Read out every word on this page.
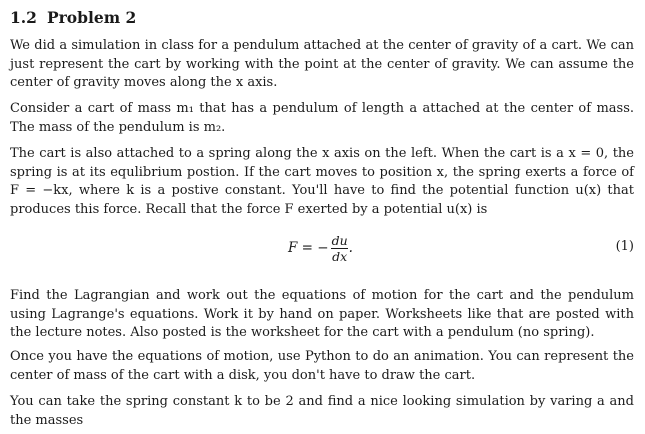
1.2 Problem 2
We did a simulation in class for a pendulum attached at the center of gravity of a cart. We can just represent the cart by working with the point at the center of gravity. We can assume the center of gravity moves along the x axis.
Consider a cart of mass m₁ that has a pendulum of length a attached at the center of mass. The mass of the pendulum is m₂.
The cart is also attached to a spring along the x axis on the left. When the cart is a x = 0, the spring is at its equlibrium postion. If the cart moves to position x, the spring exerts a force of F = −kx, where k is a postive constant. You'll have to find the potential function u(x) that produces this force. Recall that the force F exerted by a potential u(x) is
F = − $\frac{du}{dx}$ .	(1)
Find the Lagrangian and work out the equations of motion for the cart and the pendulum using Lagrange's equations. Work it by hand on paper. Worksheets like that are posted with the lecture notes. Also posted is the worksheet for the cart with a pendulum (no spring).
Once you have the equations of motion, use Python to do an animation. You can represent the center of mass of the cart with a disk, you don't have to draw the cart.
You can take the spring constant k to be 2 and find a nice looking simulation by varing a and the masses
